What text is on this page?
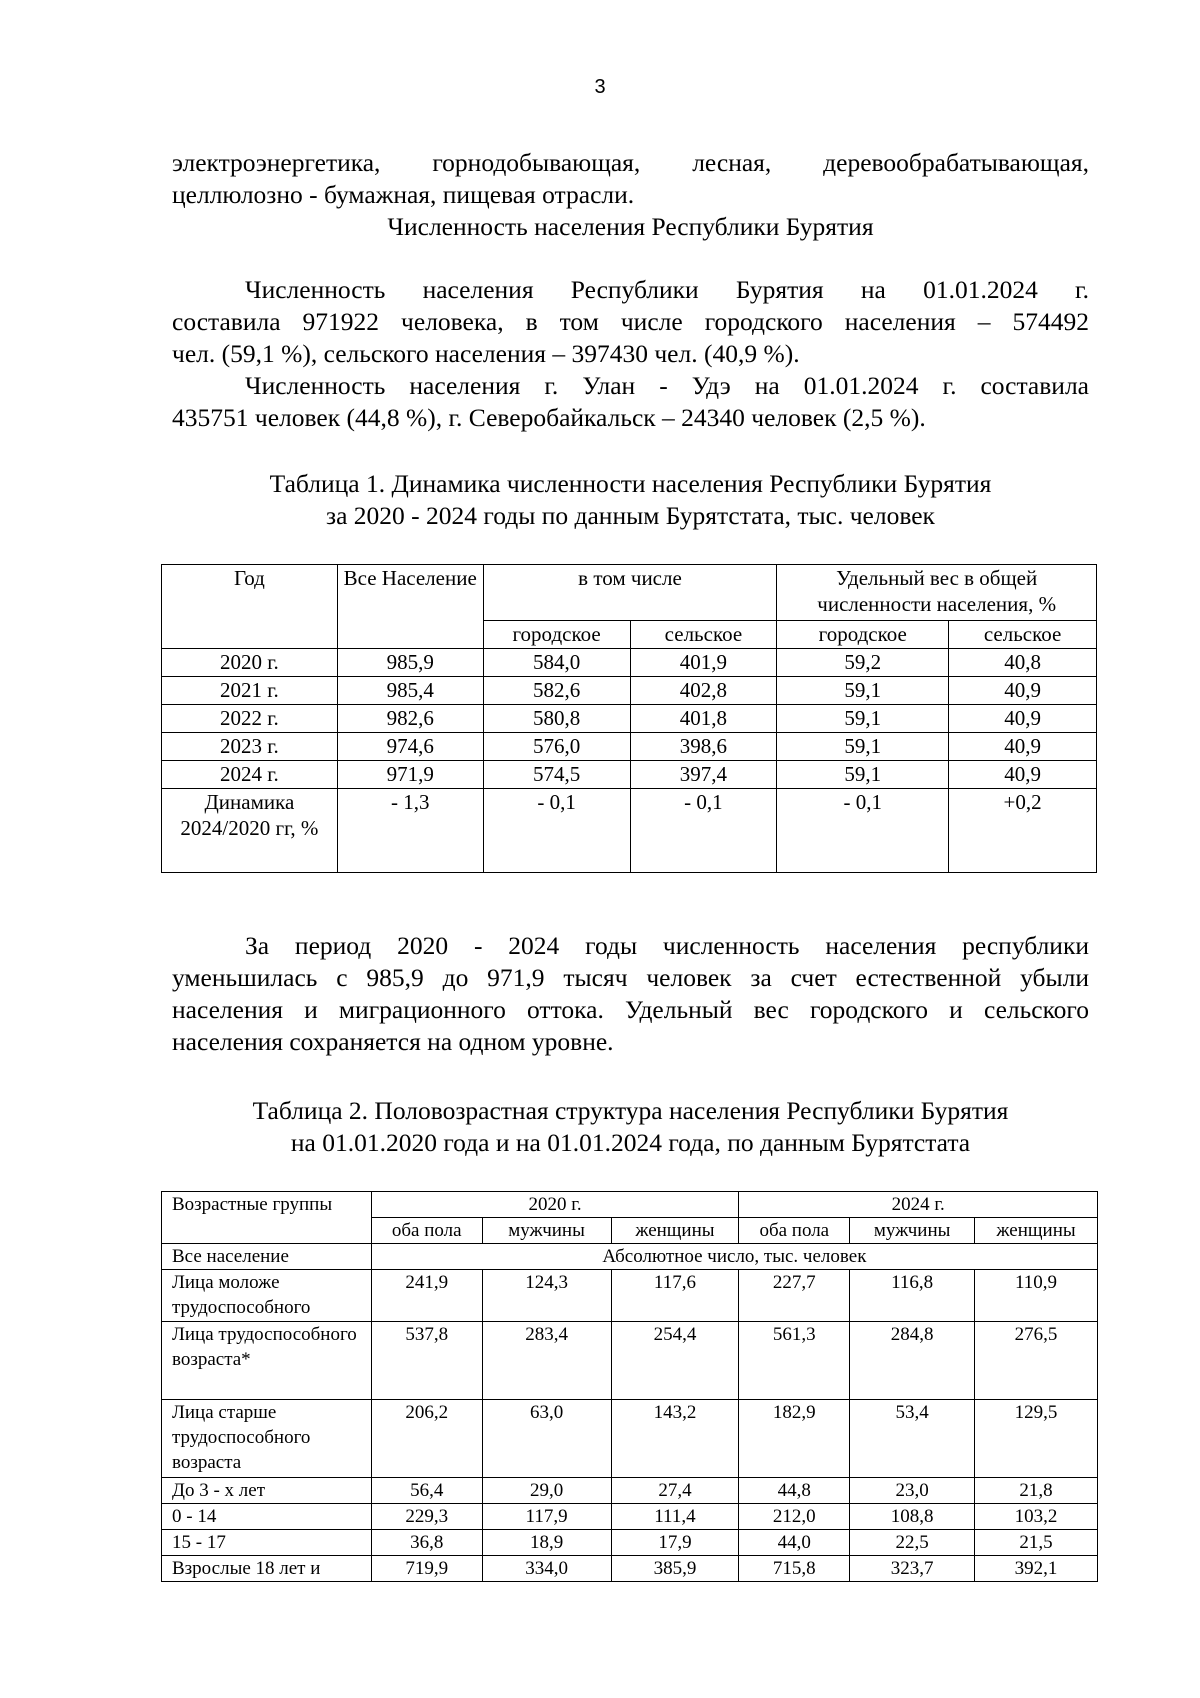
3
электроэнергетика, горнодобывающая, лесная, деревообрабатывающая,
целлюлозно - бумажная, пищевая отрасли.
Численность населения Республики Бурятия
Численность населения Республики Бурятия на 01.01.2024 г.
составила 971922 человека, в том числе городского населения – 574492
чел. (59,1 %), сельского населения – 397430 чел. (40,9 %).
Численность населения г. Улан - Удэ на 01.01.2024 г. составила
435751 человек (44,8 %), г. Северобайкальск – 24340 человек (2,5 %).
Таблица 1. Динамика численности населения Республики Бурятия
за 2020 - 2024 годы по данным Бурятстата, тыс. человек
Год	Все Население	в том числе		Удельный вес в общей численности населения, %	
		городское	сельское	городское	сельское
2020 г.	985,9	584,0	401,9	59,2	40,8
2021 г.	985,4	582,6	402,8	59,1	40,9
2022 г.	982,6	580,8	401,8	59,1	40,9
2023 г.	974,6	576,0	398,6	59,1	40,9
2024 г.	971,9	574,5	397,4	59,1	40,9
Динамика 2024/2020 гг, %	- 1,3	- 0,1	- 0,1	- 0,1	+0,2
За период 2020 - 2024 годы численность населения республики
уменьшилась с 985,9 до 971,9 тысяч человек за счет естественной убыли
населения и миграционного оттока. Удельный вес городского и сельского
населения сохраняется на одном уровне.
Таблица 2. Половозрастная структура населения Республики Бурятия
на 01.01.2020 года и на 01.01.2024 года, по данным Бурятстата
Возрастные группы	2020 г.			2024 г.		
	оба пола	мужчины	женщины	оба пола	мужчины	женщины
Все население	Абсолютное число, тыс. человек					
Лица моложе трудоспособного	241,9	124,3	117,6	227,7	116,8	110,9
Лица трудоспособного возраста*	537,8	283,4	254,4	561,3	284,8	276,5
Лица старше трудоспособного возраста	206,2	63,0	143,2	182,9	53,4	129,5
До 3 - х лет	56,4	29,0	27,4	44,8	23,0	21,8
0 - 14	229,3	117,9	111,4	212,0	108,8	103,2
15 - 17	36,8	18,9	17,9	44,0	22,5	21,5
Взрослые 18 лет и	719,9	334,0	385,9	715,8	323,7	392,1
